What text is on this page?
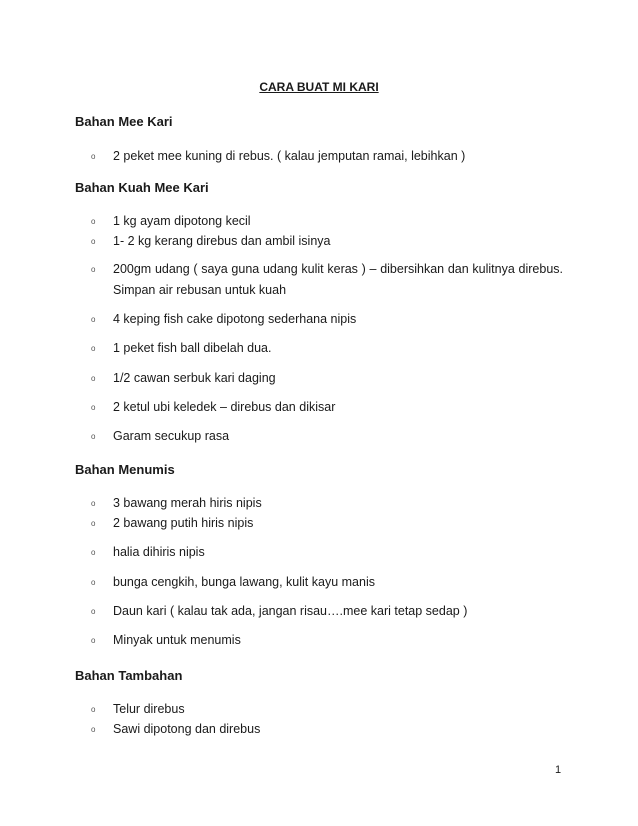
CARA BUAT MI KARI
Bahan Mee Kari
o 2 peket mee kuning di rebus. ( kalau jemputan ramai, lebihkan )
Bahan Kuah Mee Kari
o 1 kg ayam dipotong kecil
o 1- 2 kg kerang direbus dan ambil isinya
o 200gm udang ( saya guna udang kulit keras ) – dibersihkan dan kulitnya direbus. Simpan air rebusan untuk kuah
o 4 keping fish cake dipotong sederhana nipis
o 1 peket fish ball dibelah dua.
o 1/2 cawan serbuk kari daging
o 2 ketul ubi keledek – direbus dan dikisar
o Garam secukup rasa
Bahan Menumis
o 3 bawang merah hiris nipis
o 2 bawang putih hiris nipis
o halia dihiris nipis
o bunga cengkih, bunga lawang, kulit kayu manis
o Daun kari ( kalau tak ada, jangan risau….mee kari tetap sedap )
o Minyak untuk menumis
Bahan Tambahan
o Telur direbus
o Sawi dipotong dan direbus
1
